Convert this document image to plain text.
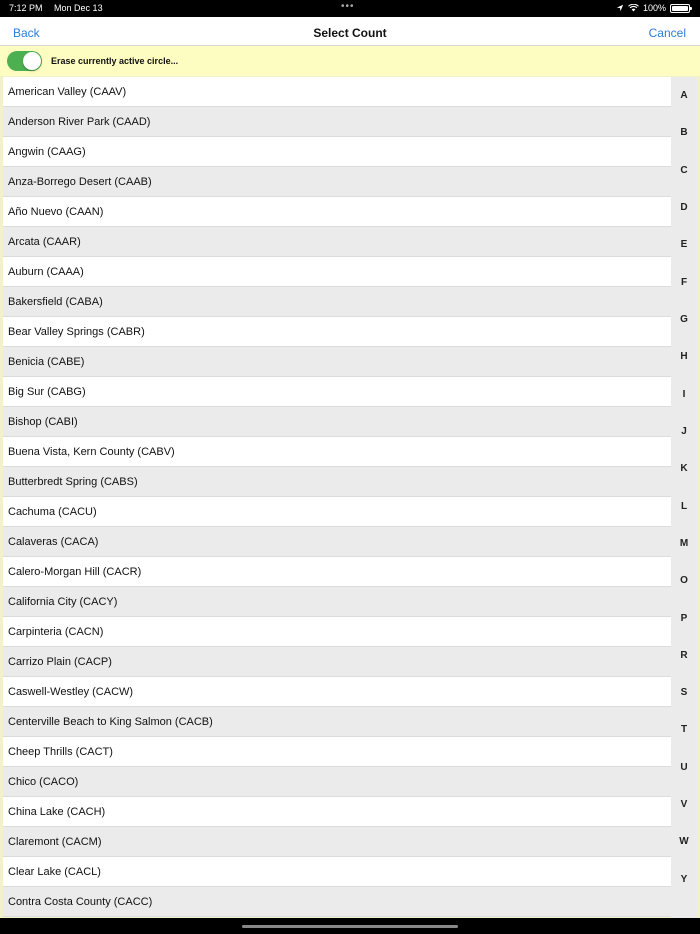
7:12 PM Mon Dec 13	•••	100%
Back	Select Count	Cancel
Erase currently active circle...
American Valley (CAAV)
Anderson River Park (CAAD)
Angwin (CAAG)
Anza-Borrego Desert (CAAB)
Año Nuevo (CAAN)
Arcata (CAAR)
Auburn (CAAA)
Bakersfield (CABA)
Bear Valley Springs (CABR)
Benicia (CABE)
Big Sur (CABG)
Bishop (CABI)
Buena Vista, Kern County (CABV)
Butterbredt Spring (CABS)
Cachuma (CACU)
Calaveras (CACA)
Calero-Morgan Hill (CACR)
California City (CACY)
Carpinteria (CACN)
Carrizo Plain (CACP)
Caswell-Westley (CACW)
Centerville Beach to King Salmon (CACB)
Cheep Thrills (CACT)
Chico (CACO)
China Lake (CACH)
Claremont (CACM)
Clear Lake (CACL)
Contra Costa County (CACC)
A
B
C
D
E
F
G
H
I
J
K
L
M
O
P
R
S
T
U
V
W
Y
